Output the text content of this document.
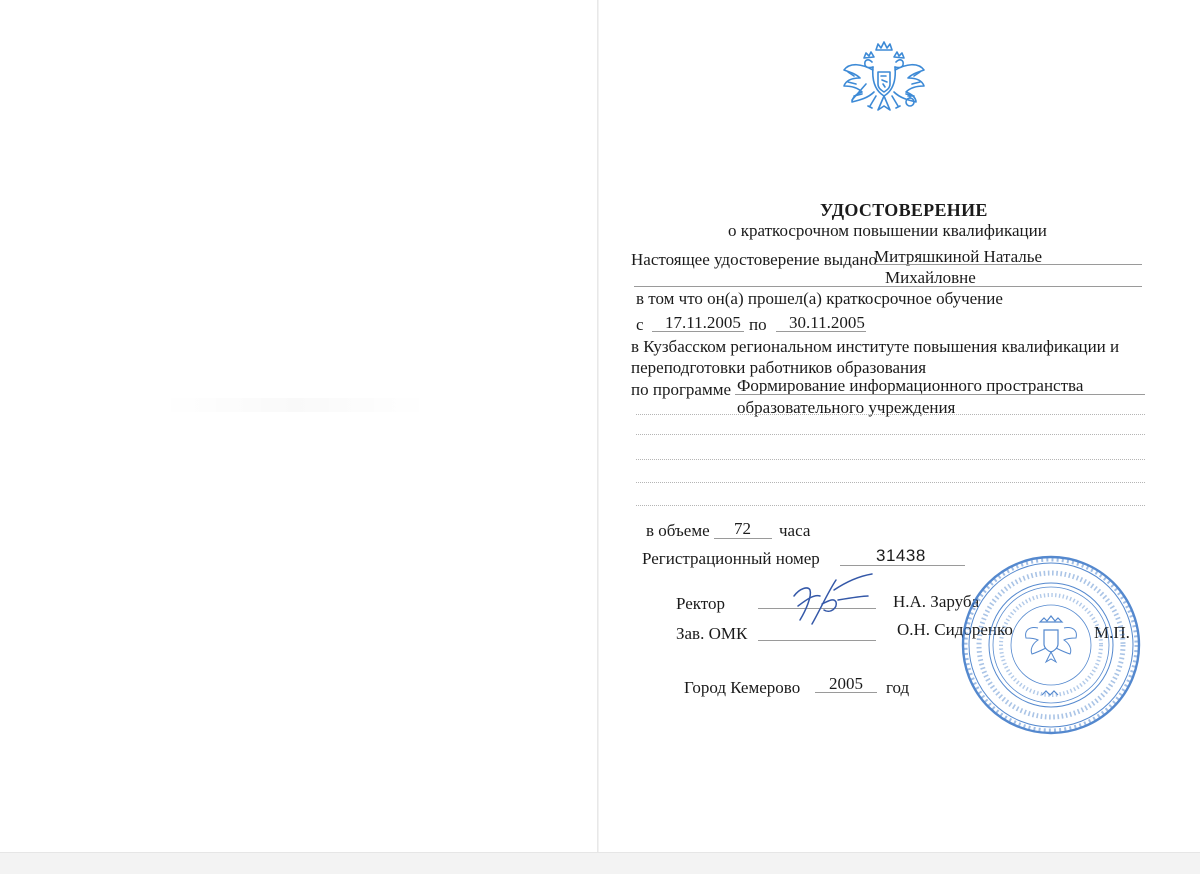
УДОСТОВЕРЕНИЕ
о краткосрочном повышении квалификации
Настоящее удостоверение выдано
Митряшкиной Наталье
Михайловне
в том что он(а) прошел(а) краткосрочное обучение
с 17.11.2005 по 30.11.2005
в Кузбасском региональном институте повышения квалификации и
переподготовки работников образования
по программе Формирование информационного пространства
образовательного учреждения
в объеме 72 часа
Регистрационный номер	31438
Ректор	Н.А. Заруба
Зав. ОМК	О.Н. Сидоренко	М.П.
Город Кемерово 2005 год
